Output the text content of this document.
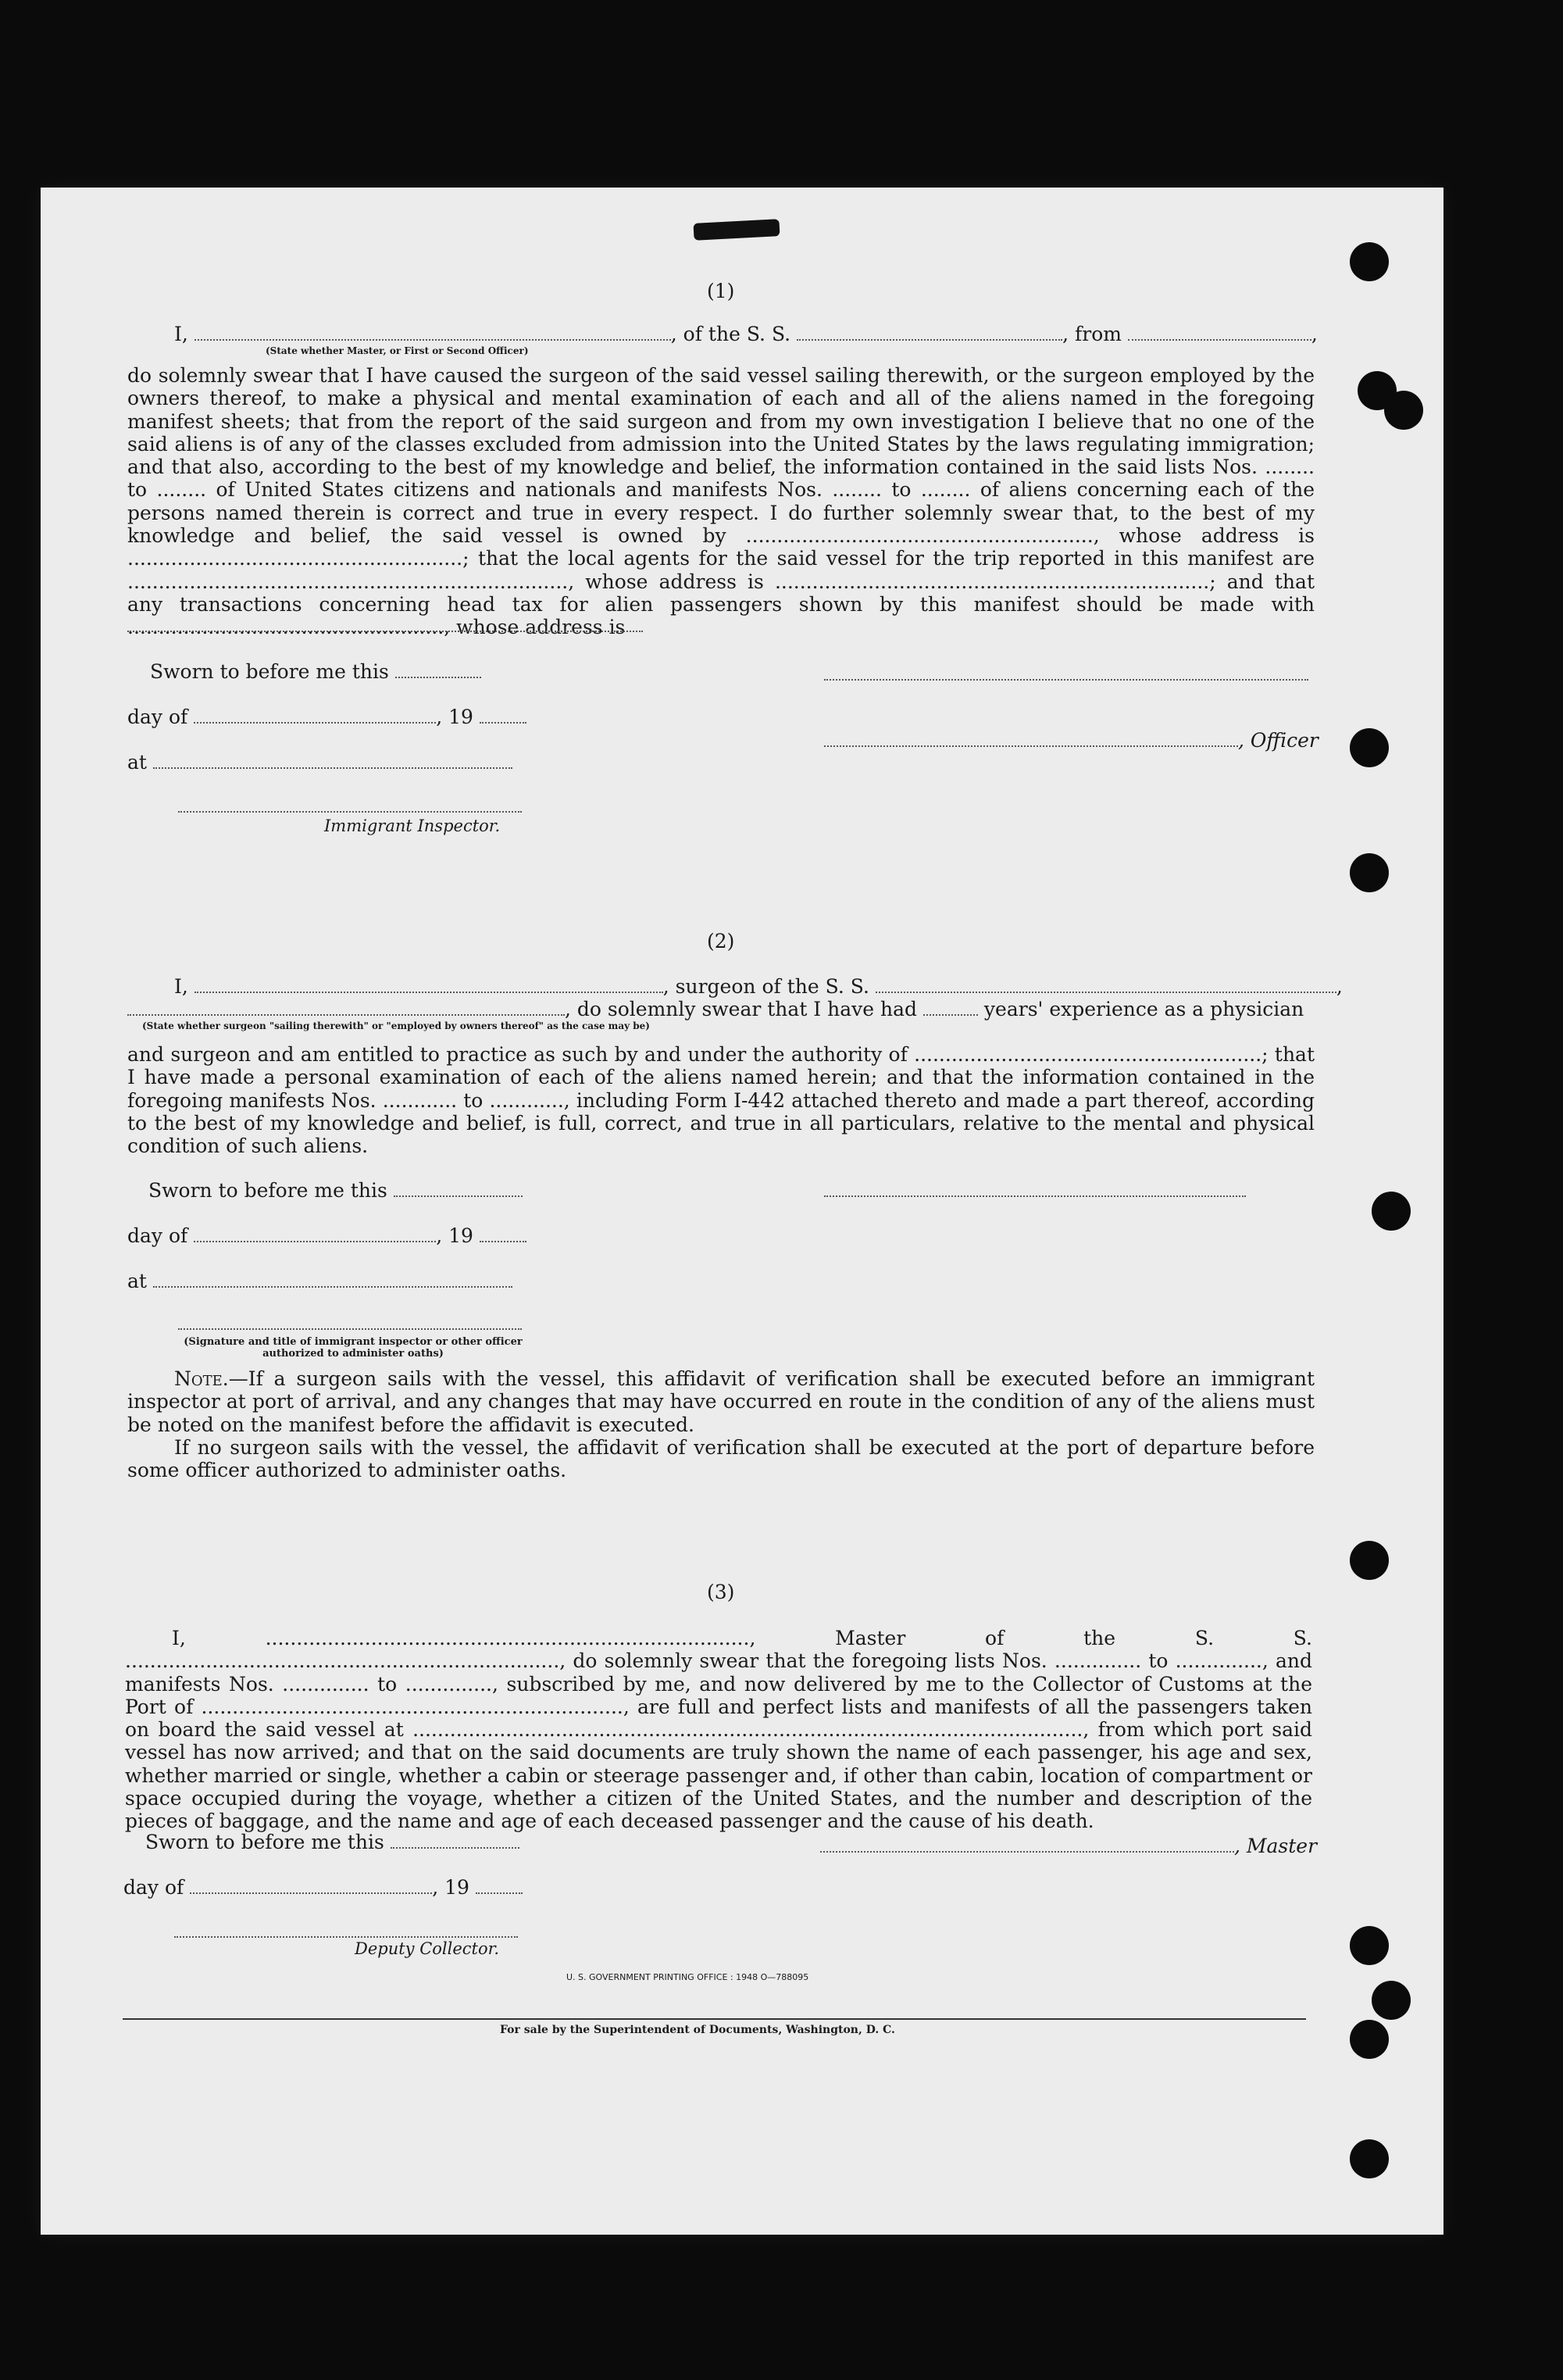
(1)
I,	, of the S. S.	, from	,
(State whether Master, or First or Second Officer)
do solemnly swear that I have caused the surgeon of the said vessel sailing therewith, or the surgeon employed by the owners thereof, to make a physical and mental examination of each and all of the aliens named in the foregoing manifest sheets; that from the report of the said surgeon and from my own investigation I believe that no one of the said aliens is of any of the classes excluded from admission into the United States by the laws regulating immigration; and that also, according to the best of my knowledge and belief, the information contained in the said lists Nos. ........ to ........ of United States citizens and nationals and manifests Nos. ........ to ........ of aliens concerning each of the persons named therein is correct and true in every respect. I do further solemnly swear that, to the best of my knowledge and belief, the said vessel is owned by ........................................................, whose address is ......................................................; that the local agents for the said vessel for the trip reported in this manifest are ......................................................................., whose address is ......................................................................; and that any transactions concerning head tax for alien passengers shown by this manifest should be made with ..................................................., whose address is
Sworn to before me this
day of	, 19
at
, Officer
Immigrant Inspector.
(2)
I,	, surgeon of the S. S.	,
, do solemnly swear that I have had	years' experience as a physician
(State whether surgeon "sailing therewith" or "employed by owners thereof" as the case may be)
and surgeon and am entitled to practice as such by and under the authority of ........................................................; that I have made a personal examination of each of the aliens named herein; and that the information contained in the foregoing manifests Nos. ............ to ............, including Form I-442 attached thereto and made a part thereof, according to the best of my knowledge and belief, is full, correct, and true in all particulars, relative to the mental and physical condition of such aliens.
Sworn to before me this
day of	, 19
at
(Signature and title of immigrant inspector or other officer authorized to administer oaths)
Note.—If a surgeon sails with the vessel, this affidavit of verification shall be executed before an immigrant inspector at port of arrival, and any changes that may have occurred en route in the condition of any of the aliens must be noted on the manifest before the affidavit is executed.
If no surgeon sails with the vessel, the affidavit of verification shall be executed at the port of departure before some officer authorized to administer oaths.
(3)
I, .............................................................................., Master of the S. S. ......................................................................, do solemnly swear that the foregoing lists Nos. .............. to .............., and manifests Nos. .............. to .............., subscribed by me, and now delivered by me to the Collector of Customs at the Port of ...................................................................., are full and perfect lists and manifests of all the passengers taken on board the said vessel at ............................................................................................................, from which port said vessel has now arrived; and that on the said documents are truly shown the name of each passenger, his age and sex, whether married or single, whether a cabin or steerage passenger and, if other than cabin, location of compartment or space occupied during the voyage, whether a citizen of the United States, and the number and description of the pieces of baggage, and the name and age of each deceased passenger and the cause of his death.
Sworn to before me this
day of	, 19
, Master
Deputy Collector.
U. S. GOVERNMENT PRINTING OFFICE : 1948 O—788095
For sale by the Superintendent of Documents, Washington, D. C.
